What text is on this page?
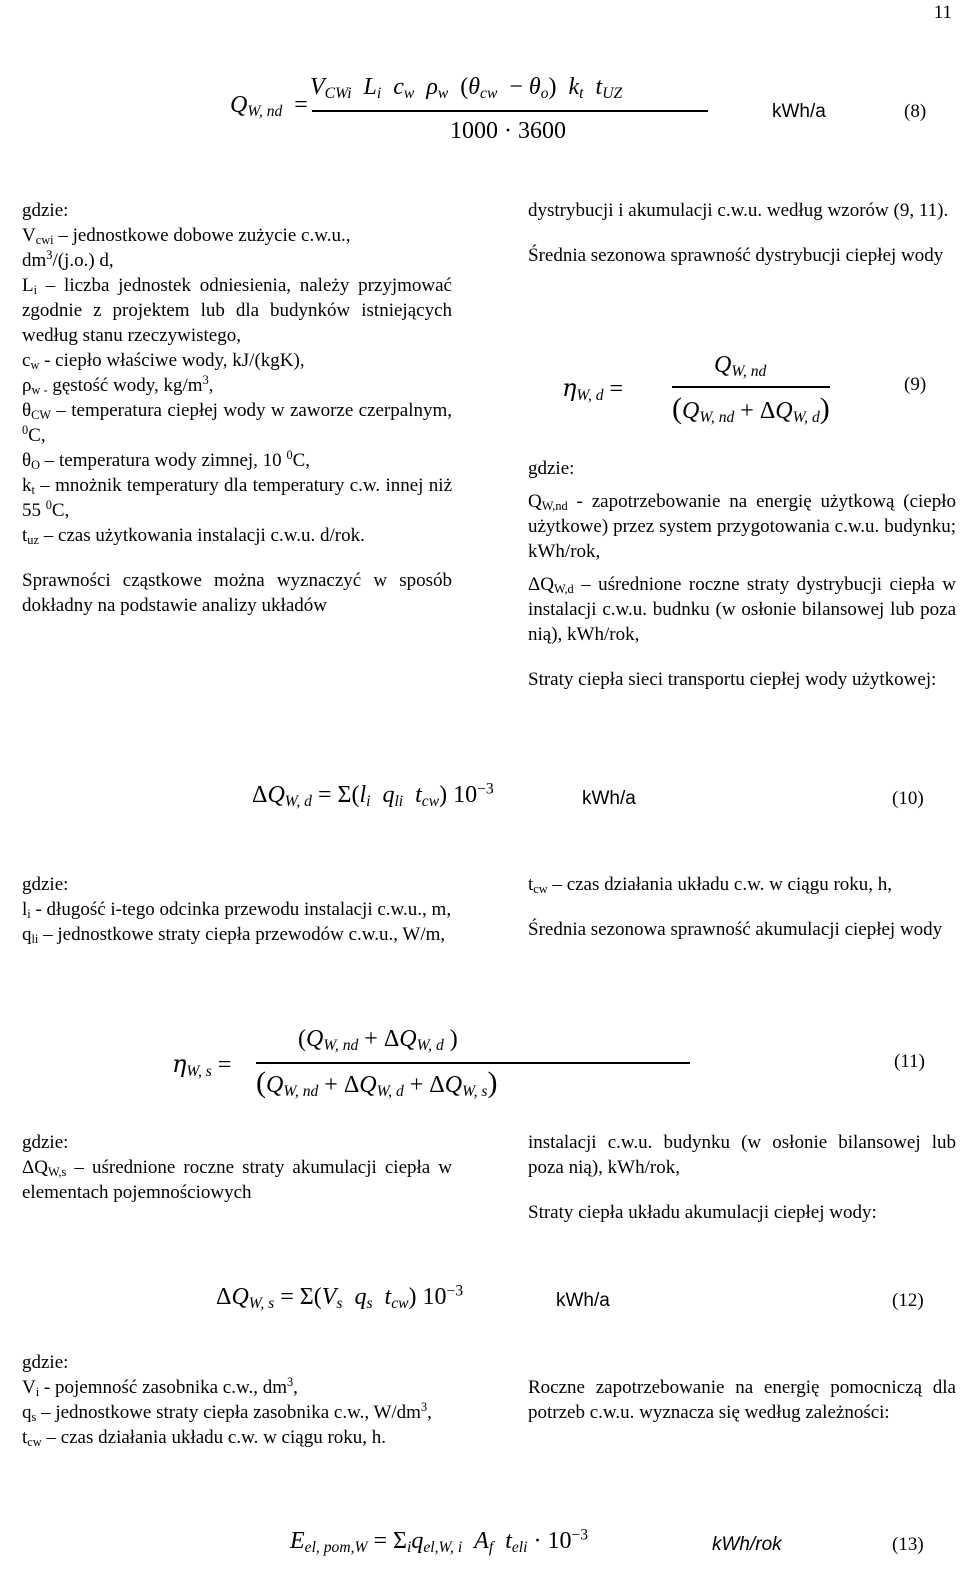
11
$Q_{W, nd}$  =
$V_{CWi}$ $L_i$ $c_w$ $\rho_w$ $(\theta_{cw} - \theta_o)$ $k_t$ $t_{UZ}$
1000 · 3600
kWh/a	(8)

gdzie:

$V_{cwi}$ – jednostkowe dobowe zużycie c.w.u.,

$dm^3/(j.o.)$ d,

$L_i$ – liczba jednostek odniesienia, należy przyjmować zgodnie z projektem lub dla budynków istniejących według stanu rzeczywistego,

$c_w$ - ciepło właściwe wody, kJ/(kgK),

$\rho_{w -}$ gęstość wody, $kg/m^3$,

$\theta_{CW}$ – temperatura ciepłej wody w zaworze czerpalnym, $^0$C,

$\theta_O$ – temperatura wody zimnej, 10 $^0$C,

$k_t$ – mnożnik temperatury dla temperatury c.w. innej niż 55 $^0$C,

$t_{uz}$ – czas użytkowania instalacji c.w.u. d/rok.

Sprawności cząstkowe można wyznaczyć w sposób dokładny na podstawie analizy układów

dystrybucji i akumulacji c.w.u. według wzorów (9, 11).

Średnia sezonowa sprawność dystrybucji ciepłej wody

$\eta_{W, d}$ =
$Q_{W, nd}$
$(Q_{W, nd} + \Delta Q_{W, d})$
(9)

gdzie:

$Q_{W,nd}$ - zapotrzebowanie na energię użytkową (ciepło użytkowe) przez system przygotowania c.w.u. budynku; kWh/rok,

$\Delta Q_{W,d}$ – uśrednione roczne straty dystrybucji ciepła w instalacji c.w.u. budnku (w osłonie bilansowej lub poza nią), kWh/rok,

Straty ciepła sieci transportu ciepłej wody użytkowej:

$\Delta Q_{W, d} = \Sigma(l_i$  $q_{li}$  $t_{cw}$) $10^{-3}$	kWh/a	(10)

gdzie:

$l_i$ - długość i-tego odcinka przewodu instalacji c.w.u., m,

$q_{li}$ – jednostkowe straty ciepła przewodów c.w.u., W/m,

$t_{cw}$ – czas działania układu c.w. w ciągu roku, h,

Średnia sezonowa sprawność akumulacji ciepłej wody

$\eta_{W, s}$ =
($Q_{W, nd} + \Delta Q_{W, d}$ )
$(Q_{W, nd} + \Delta Q_{W, d} + \Delta Q_{W, s})$
(11)

gdzie:

$\Delta Q_{W,s}$ – uśrednione roczne straty akumulacji ciepła w elementach pojemnościowych

instalacji c.w.u. budynku (w osłonie bilansowej lub poza nią), kWh/rok,

Straty ciepła układu akumulacji ciepłej wody:

$\Delta Q_{W, s} = \Sigma(V_s$  $q_s$  $t_{cw}$) $10^{-3}$	kWh/a	(12)

gdzie:

$V_i$ - pojemność zasobnika c.w., $dm^3$,

$q_s$ – jednostkowe straty ciepła zasobnika c.w., $W/dm^3$,

$t_{cw}$ – czas działania układu c.w. w ciągu roku, h.

Roczne zapotrzebowanie na energię pomocniczą dla potrzeb c.w.u. wyznacza się według zależności:

$E_{el, pom,W} = \Sigma_iq_{el,W, i}$  $A_f$  $t_{eli} \cdot 10^{-3}$	kWh/rok	(13)
